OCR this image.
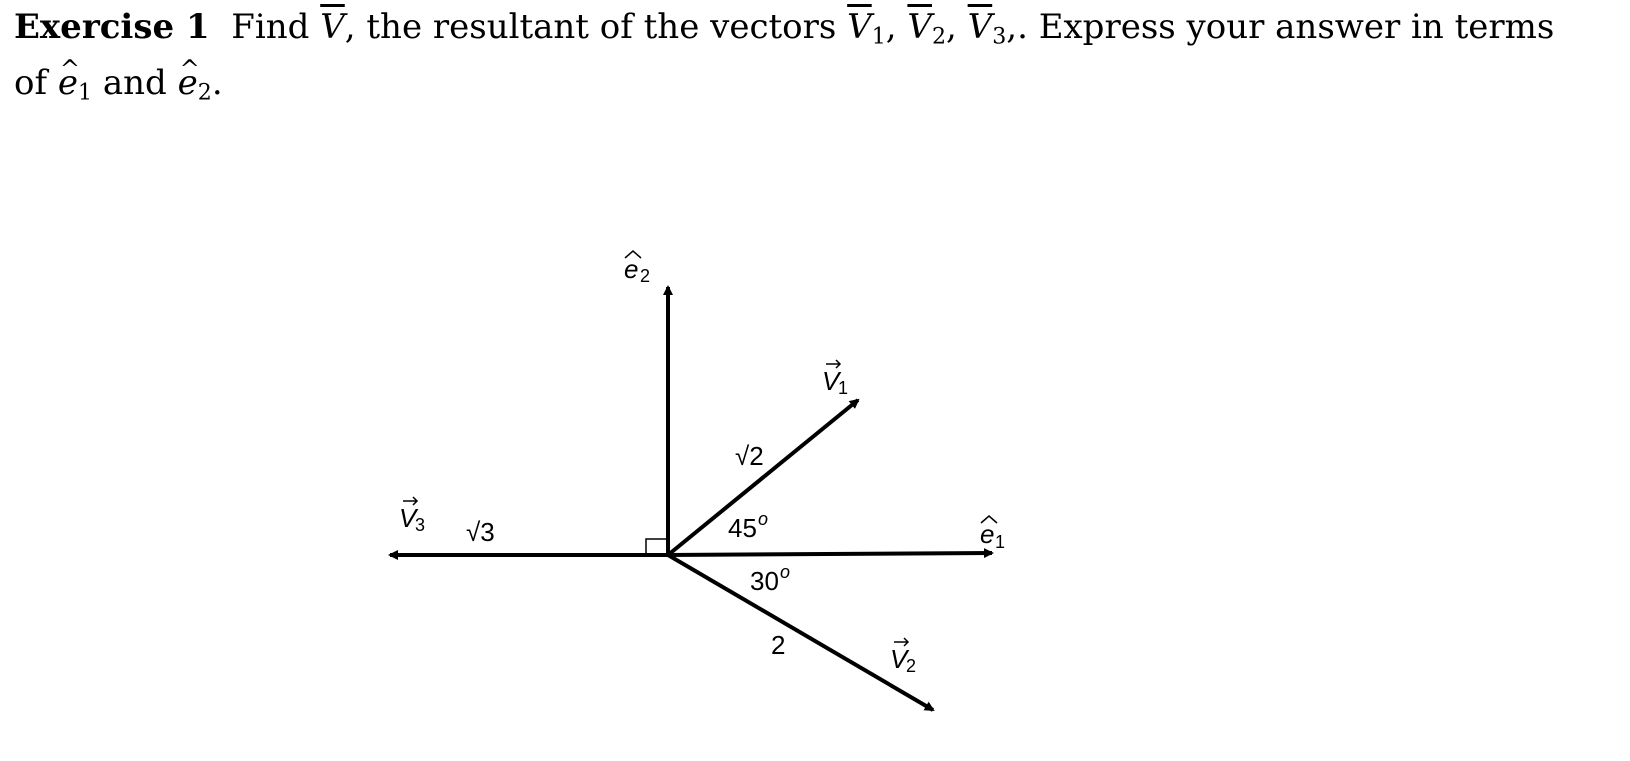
Exercise 1 Find $\overline{V}$, the resultant of the vectors $\overline{V}_1$, $\overline{V}_2$, $\overline{V}_3$,. Express your answer in terms
of ^ $e_1$ and ^ $e_2$.
e 2
e 1
V
1
√2
45 o
V
2
2
30 o
V
3 √3
